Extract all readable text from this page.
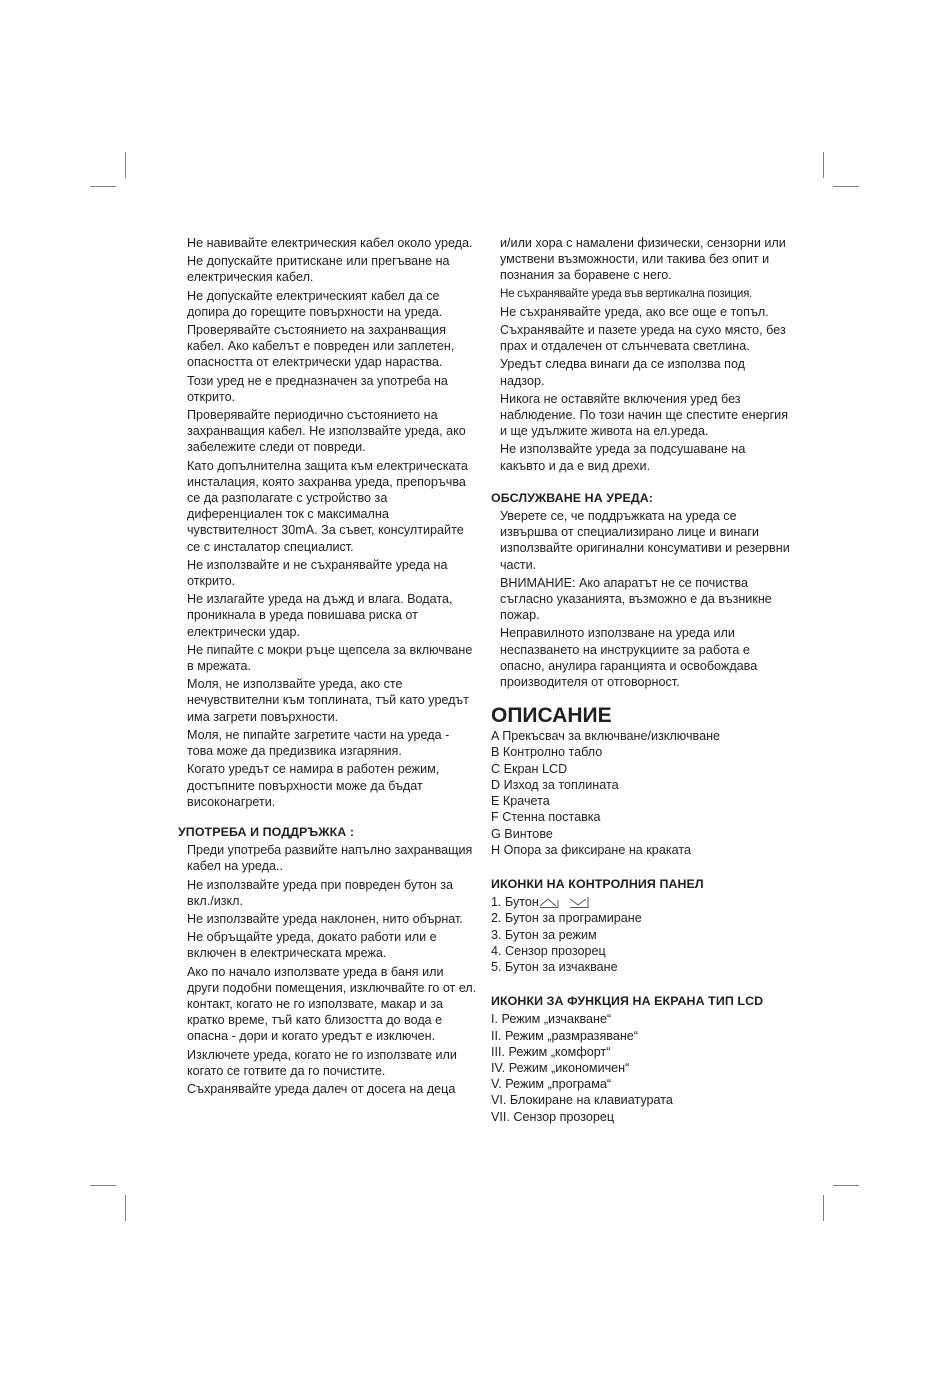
Не навивайте електрическия кабел около уреда.

Не допускайте притискане или прегъване на електрическия кабел.

Не допускайте електрическият кабел да се допира до горещите повърхности на уреда.

Проверявайте състоянието на захранващия кабел. Ако кабелът е повреден или заплетен, опасността от електрически удар нараства.

Този уред не е предназначен за употреба на открито.

Проверявайте периодично състоянието на захранващия кабел. Не използвайте уреда, ако забележите следи от повреди.

Като допълнителна защита към електрическата инсталация, която захранва уреда, препоръчва се да разполагате с устройство за диференциален ток с максимална чувствителност 30mA. За съвет, консултирайте се с инсталатор специалист.

Не използвайте и не съхранявайте уреда на открито.

Не излагайте уреда на дъжд и влага. Водата, проникнала в уреда повишава риска от електрически удар.

Не пипайте с мокри ръце щепсела за включване в мрежата.

Моля, не използвайте уреда, ако сте нечувствителни към топлината, тъй като уредът има загрети повърхности.

Моля, не пипайте загретите части на уреда - това може да предизвика изгаряния.

Когато уредът се намира в работен режим, достъпните повърхности може да бъдат високонагрети.

УПОТРЕБА И ПОДДРЪЖКА :

Преди употреба развийте напълно захранващия кабел на уреда..

Не използвайте уреда при повреден бутон за вкл./изкл.

Не използвайте уреда наклонен, нито обърнат.

Не обръщайте уреда, докато работи или е включен в електрическата мрежа.

Ако по начало използвате уреда в баня или други подобни помещения, изключвайте го от ел. контакт, когато не го използвате, макар и за кратко време, тъй като близостта до вода е опасна - дори и когато уредът е изключен.

Изключете уреда, когато не го използвате или когато се готвите да го почистите.

Съхранявайте уреда далеч от досега на деца

и/или хора с намалени физически, сензорни или умствени възможности, или такива без опит и познания за боравене с него.

Не съхранявайте уреда във вертикална позиция.

Не съхранявайте уреда, ако все още е топъл.

Съхранявайте и пазете уреда на сухо място, без прах и отдалечен от слънчевата светлина.

Уредът следва винаги да се използва под надзор.

Никога не оставяйте включения уред без наблюдение. По този начин ще спестите енергия и ще удължите живота на ел.уреда.

Не използвайте уреда за подсушаване на какъвто и да е вид дрехи.

ОБСЛУЖВАНЕ НА УРЕДА:

Уверете се, че поддръжката на уреда се извършва от специализирано лице и винаги използвайте оригинални консумативи и резервни части.

ВНИМАНИЕ: Ако апаратът не се почиства съгласно указанията, възможно е да възникне пожар.

Неправилното използване на уреда или неспазването на инструкциите за работа е опасно, анулира гаранцията и освобождава производителя от отговорност.

ОПИСАНИЕ
A Прекъсвач за включване/изключване
B Контролно табло
C Екран LCD
D Изход за топлината
E Крачета
F Стенна поставка
G Винтове
H Опора за фиксиране на краката
ИКОНКИ НА КОНТРОЛНИЯ ПАНЕЛ
1. Бутон

2. Бутон за програмиране
3. Бутон за режим
4. Сензор прозорец
5. Бутон за изчакване
ИКОНКИ ЗА ФУНКЦИЯ НА ЕКРАНА ТИП LCD
I. Режим „изчакване“
II. Режим „размразяване“
III. Режим „комфорт“
IV. Режим „икономичен“
V. Режим „програма“
VI. Блокиране на клавиатурата
VII. Сензор прозорец
